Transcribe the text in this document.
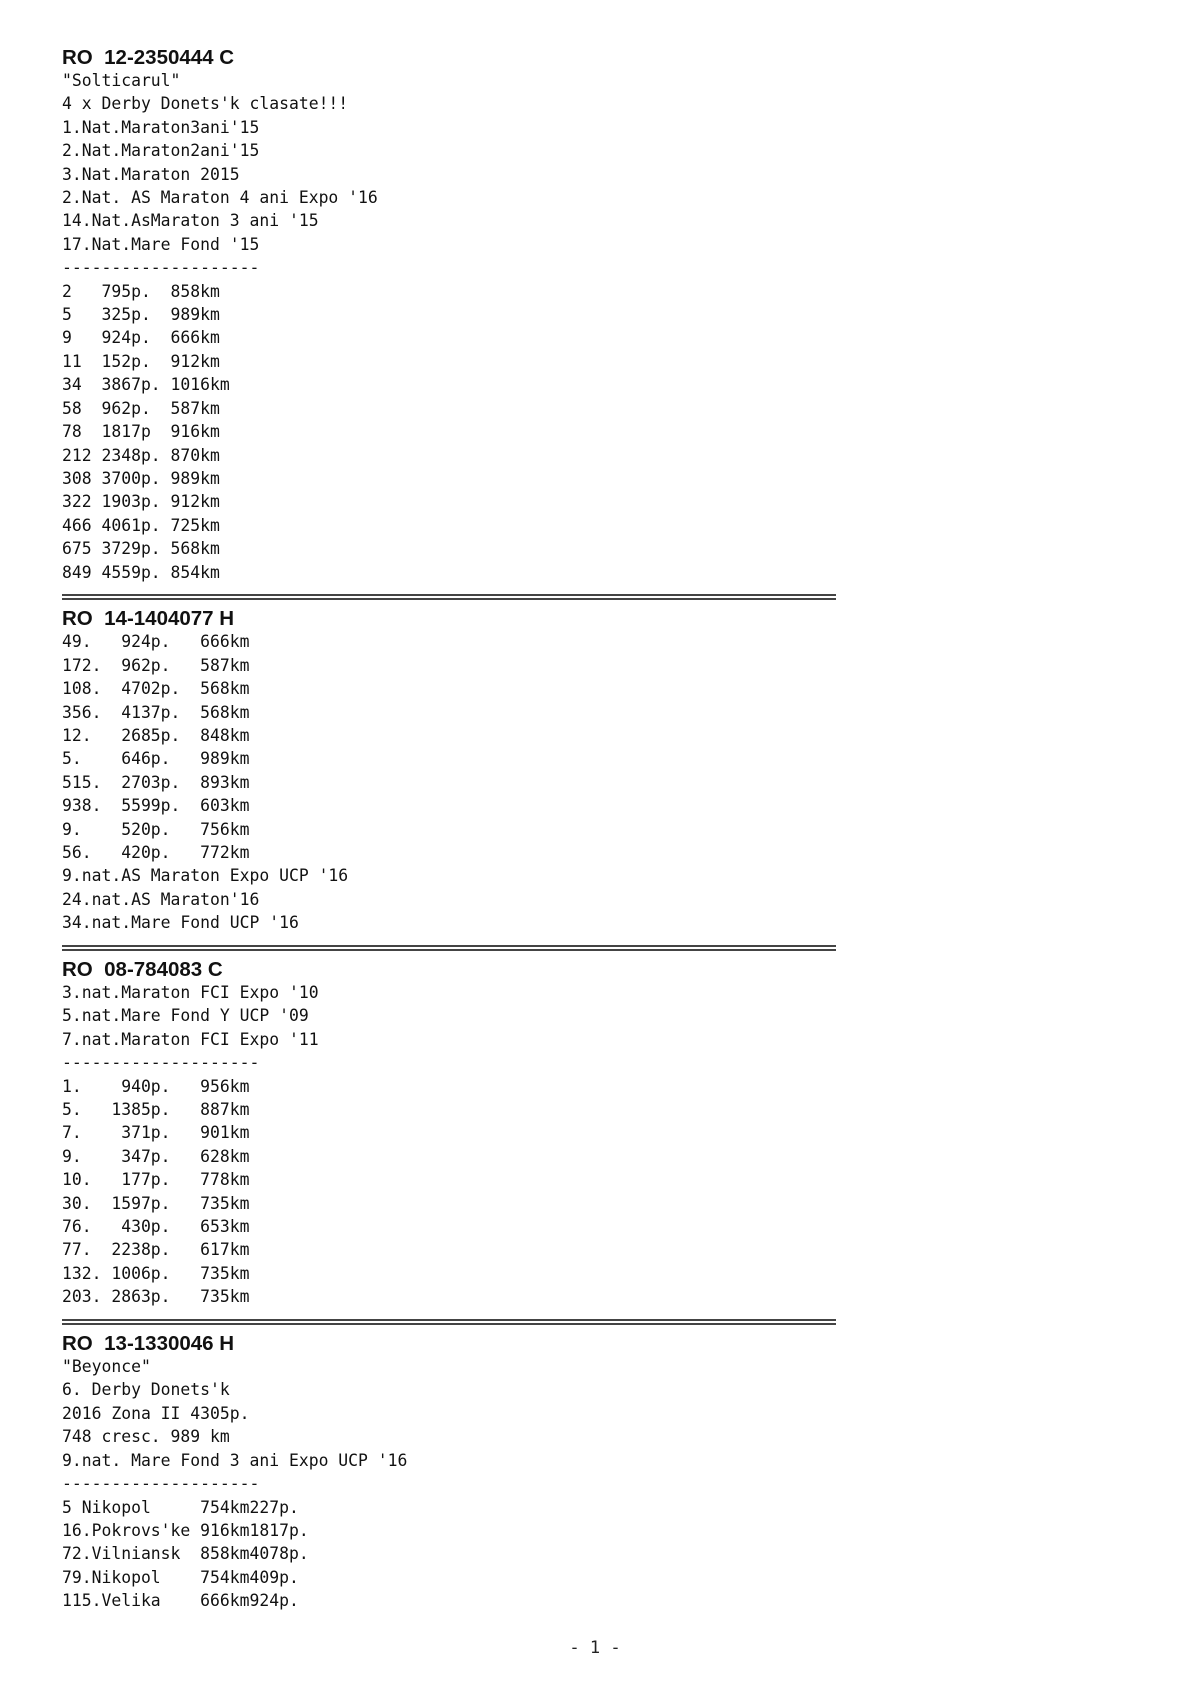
RO  12-2350444 C
"Solticarul"
4 x Derby Donets'k clasate!!!
1.Nat.Maraton3ani'15
2.Nat.Maraton2ani'15
3.Nat.Maraton 2015
2.Nat. AS Maraton 4 ani Expo '16
14.Nat.AsMaraton 3 ani '15
17.Nat.Mare Fond '15
--------------------
2   795p.  858km
5   325p.  989km
9   924p.  666km
11  152p.  912km
34  3867p. 1016km
58  962p.  587km
78  1817p  916km
212 2348p. 870km
308 3700p. 989km
322 1903p. 912km
466 4061p. 725km
675 3729p. 568km
849 4559p. 854km
RO  14-1404077 H
49.   924p.   666km
172.  962p.   587km
108.  4702p.  568km
356.  4137p.  568km
12.   2685p.  848km
5.    646p.   989km
515.  2703p.  893km
938.  5599p.  603km
9.    520p.   756km
56.   420p.   772km
9.nat.AS Maraton Expo UCP '16
24.nat.AS Maraton'16
34.nat.Mare Fond UCP '16
RO  08-784083 C
3.nat.Maraton FCI Expo '10
5.nat.Mare Fond Y UCP '09
7.nat.Maraton FCI Expo '11
--------------------
1.    940p.   956km
5.   1385p.   887km
7.    371p.   901km
9.    347p.   628km
10.   177p.   778km
30.  1597p.   735km
76.   430p.   653km
77.  2238p.   617km
132. 1006p.   735km
203. 2863p.   735km
RO  13-1330046 H
"Beyonce"
6. Derby Donets'k
2016 Zona II 4305p.
748 cresc. 989 km
9.nat. Mare Fond 3 ani Expo UCP '16
--------------------
5 Nikopol     754km227p.
16.Pokrovs'ke 916km1817p.
72.Vilniansk  858km4078p.
79.Nikopol    754km409p.
115.Velika    666km924p.
- 1 -
